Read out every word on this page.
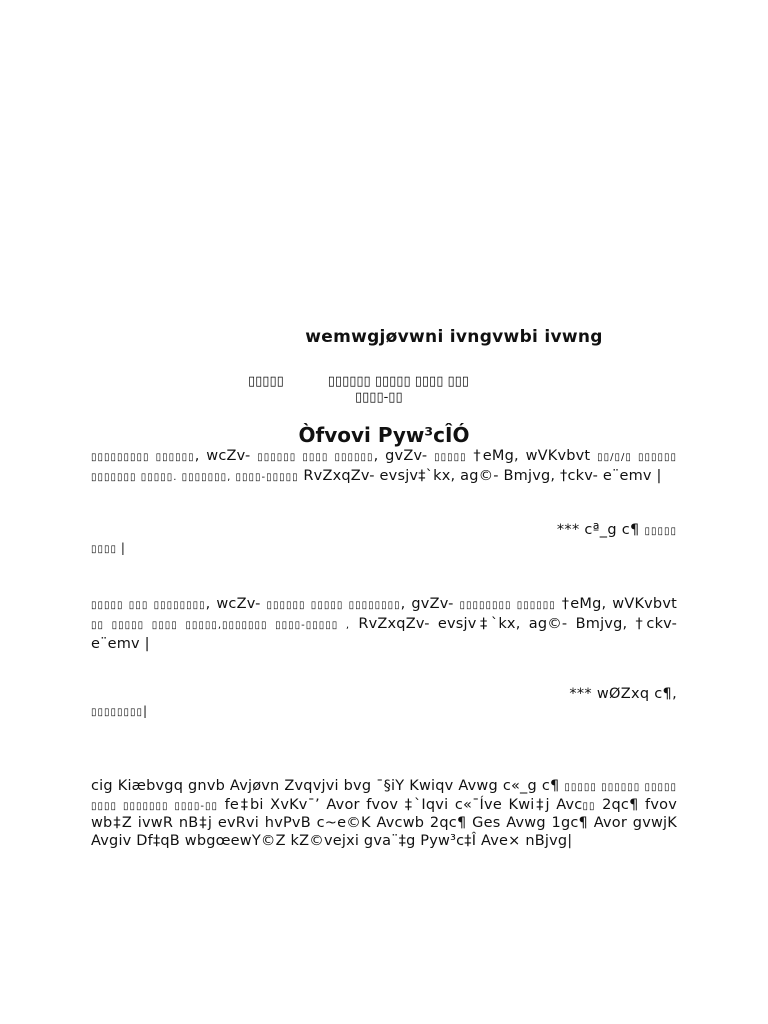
wemwgjøvwni ivngvwbi ivwng
▯▯▯▯▯	▯▯▯▯▯▯ ▯▯▯▯▯ ▯▯▯▯ ▯▯▯
▯▯▯▯-▯▯
Òfvovi Pyw³cÎÓ
▯▯▯▯▯▯▯▯▯ ▯▯▯▯▯▯, wcZv- ▯▯▯▯▯▯ ▯▯▯▯ ▯▯▯▯▯▯, gvZv- ▯▯▯▯▯ †eMg, wVKvbvt ▯▯/▯/▯ ▯▯▯▯▯▯ ▯▯▯▯▯▯▯ ▯▯▯▯▯. ▯▯▯▯▯▯▯, ▯▯▯▯-▯▯▯▯▯ RvZxqZv- evsjv‡`kx, ag©- Bmjvg, †ckv- e¨emv |
*** cª_g c¶ ▯▯▯▯▯
▯▯▯▯ |
▯▯▯▯▯ ▯▯▯ ▯▯▯▯▯▯▯▯, wcZv- ▯▯▯▯▯▯ ▯▯▯▯▯ ▯▯▯▯▯▯▯▯, gvZv- ▯▯▯▯▯▯▯▯ ▯▯▯▯▯▯ †eMg, wVKvbvt ▯▯ ▯▯▯▯▯ ▯▯▯▯ ▯▯▯▯▯,▯▯▯▯▯▯▯ ▯▯▯▯-▯▯▯▯▯ , RvZxqZv- evsjv‡`kx, ag©- Bmjvg, †ckv- e¨emv |
*** wØZxq c¶,
▯▯▯▯▯▯▯▯|
cig Kiæbvgq gnvb Avjøvn Zvqvjvi bvg ¯§iY Kwiqv Avwg c«_g c¶ ▯▯▯▯▯ ▯▯▯▯▯▯ ▯▯▯▯▯ ▯▯▯▯ ▯▯▯▯▯▯▯ ▯▯▯▯-▯▯ fe‡bi XvKv¯’ Avor fvov ‡`Iqvi c«¯Íve Kwi‡j Avc▯▯ 2qc¶ fvov wb‡Z ivwR nB‡j evRvi hvPvB c~e©K Avcwb 2qc¶ Ges Avwg 1gc¶ Avor gvwjK Avgiv Df‡qB wbgœewY©Z kZ©vejxi gva¨‡g Pyw³c‡Î Ave× nBjvg|
